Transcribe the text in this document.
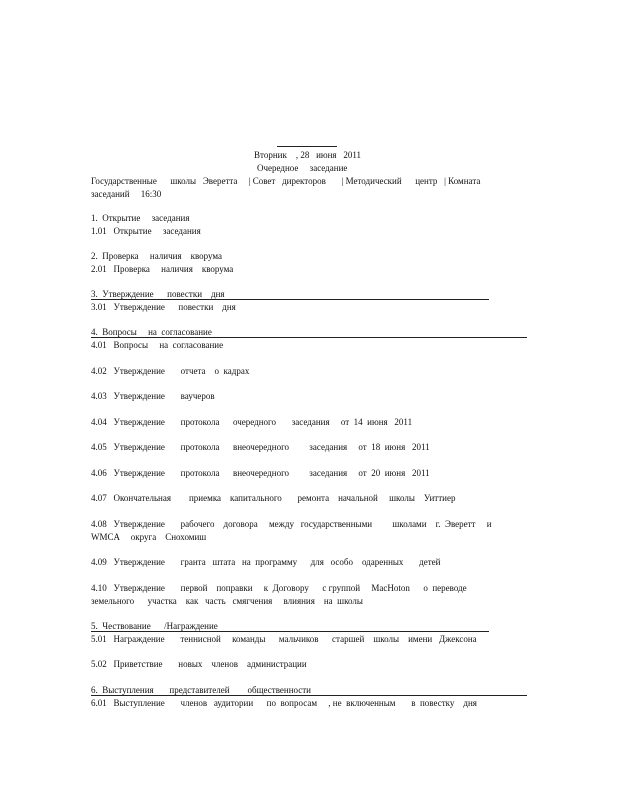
Вторник    , 28   июня   2011
Очередное     заседание
Государственные      школы   Эверетта     | Совет   директоров       | Методический      центр   | Комната
заседаний     16:30
1.  Открытие     заседания
1.01   Открытие     заседания
2.  Проверка     наличия    кворума
2.01   Проверка     наличия    кворума
3.  Утверждение      повестки    дня
3.01   Утверждение      повестки    дня
4.  Вопросы     на  согласование
4.01   Вопросы     на  согласование
4.02   Утверждение       отчета    о  кадрах
4.03   Утверждение       ваучеров
4.04   Утверждение       протокола      очередного       заседания     от  14  июня   2011
4.05   Утверждение       протокола      внеочередного         заседания     от  18  июня   2011
4.06   Утверждение       протокола      внеочередного         заседания     от  20  июня   2011
4.07   Окончательная        приемка    капитального       ремонта    начальной     школы    Уиттиер
4.08   Утверждение       рабочего    договора     между   государственными         школами    г.  Эверетт     и
WMCA     округа    Снохомиш
4.09   Утверждение       гранта   штата   на  программу      для   особо    одаренных       детей
4.10   Утверждение       первой    поправки     к  Договору      с группой     MacHoton      о  переводе
земельного      участка    как   часть   смягчения     влияния    на  школы
5.  Чествование      /Награждение
5.01   Награждение       теннисной     команды      мальчиков      старшей    школы    имени   Джексона
5.02   Приветствие       новых    членов    администрации
6.  Выступления       представителей        общественности
6.01   Выступление       членов   аудитории      по  вопросам     , не  включенным       в  повестку    дня
